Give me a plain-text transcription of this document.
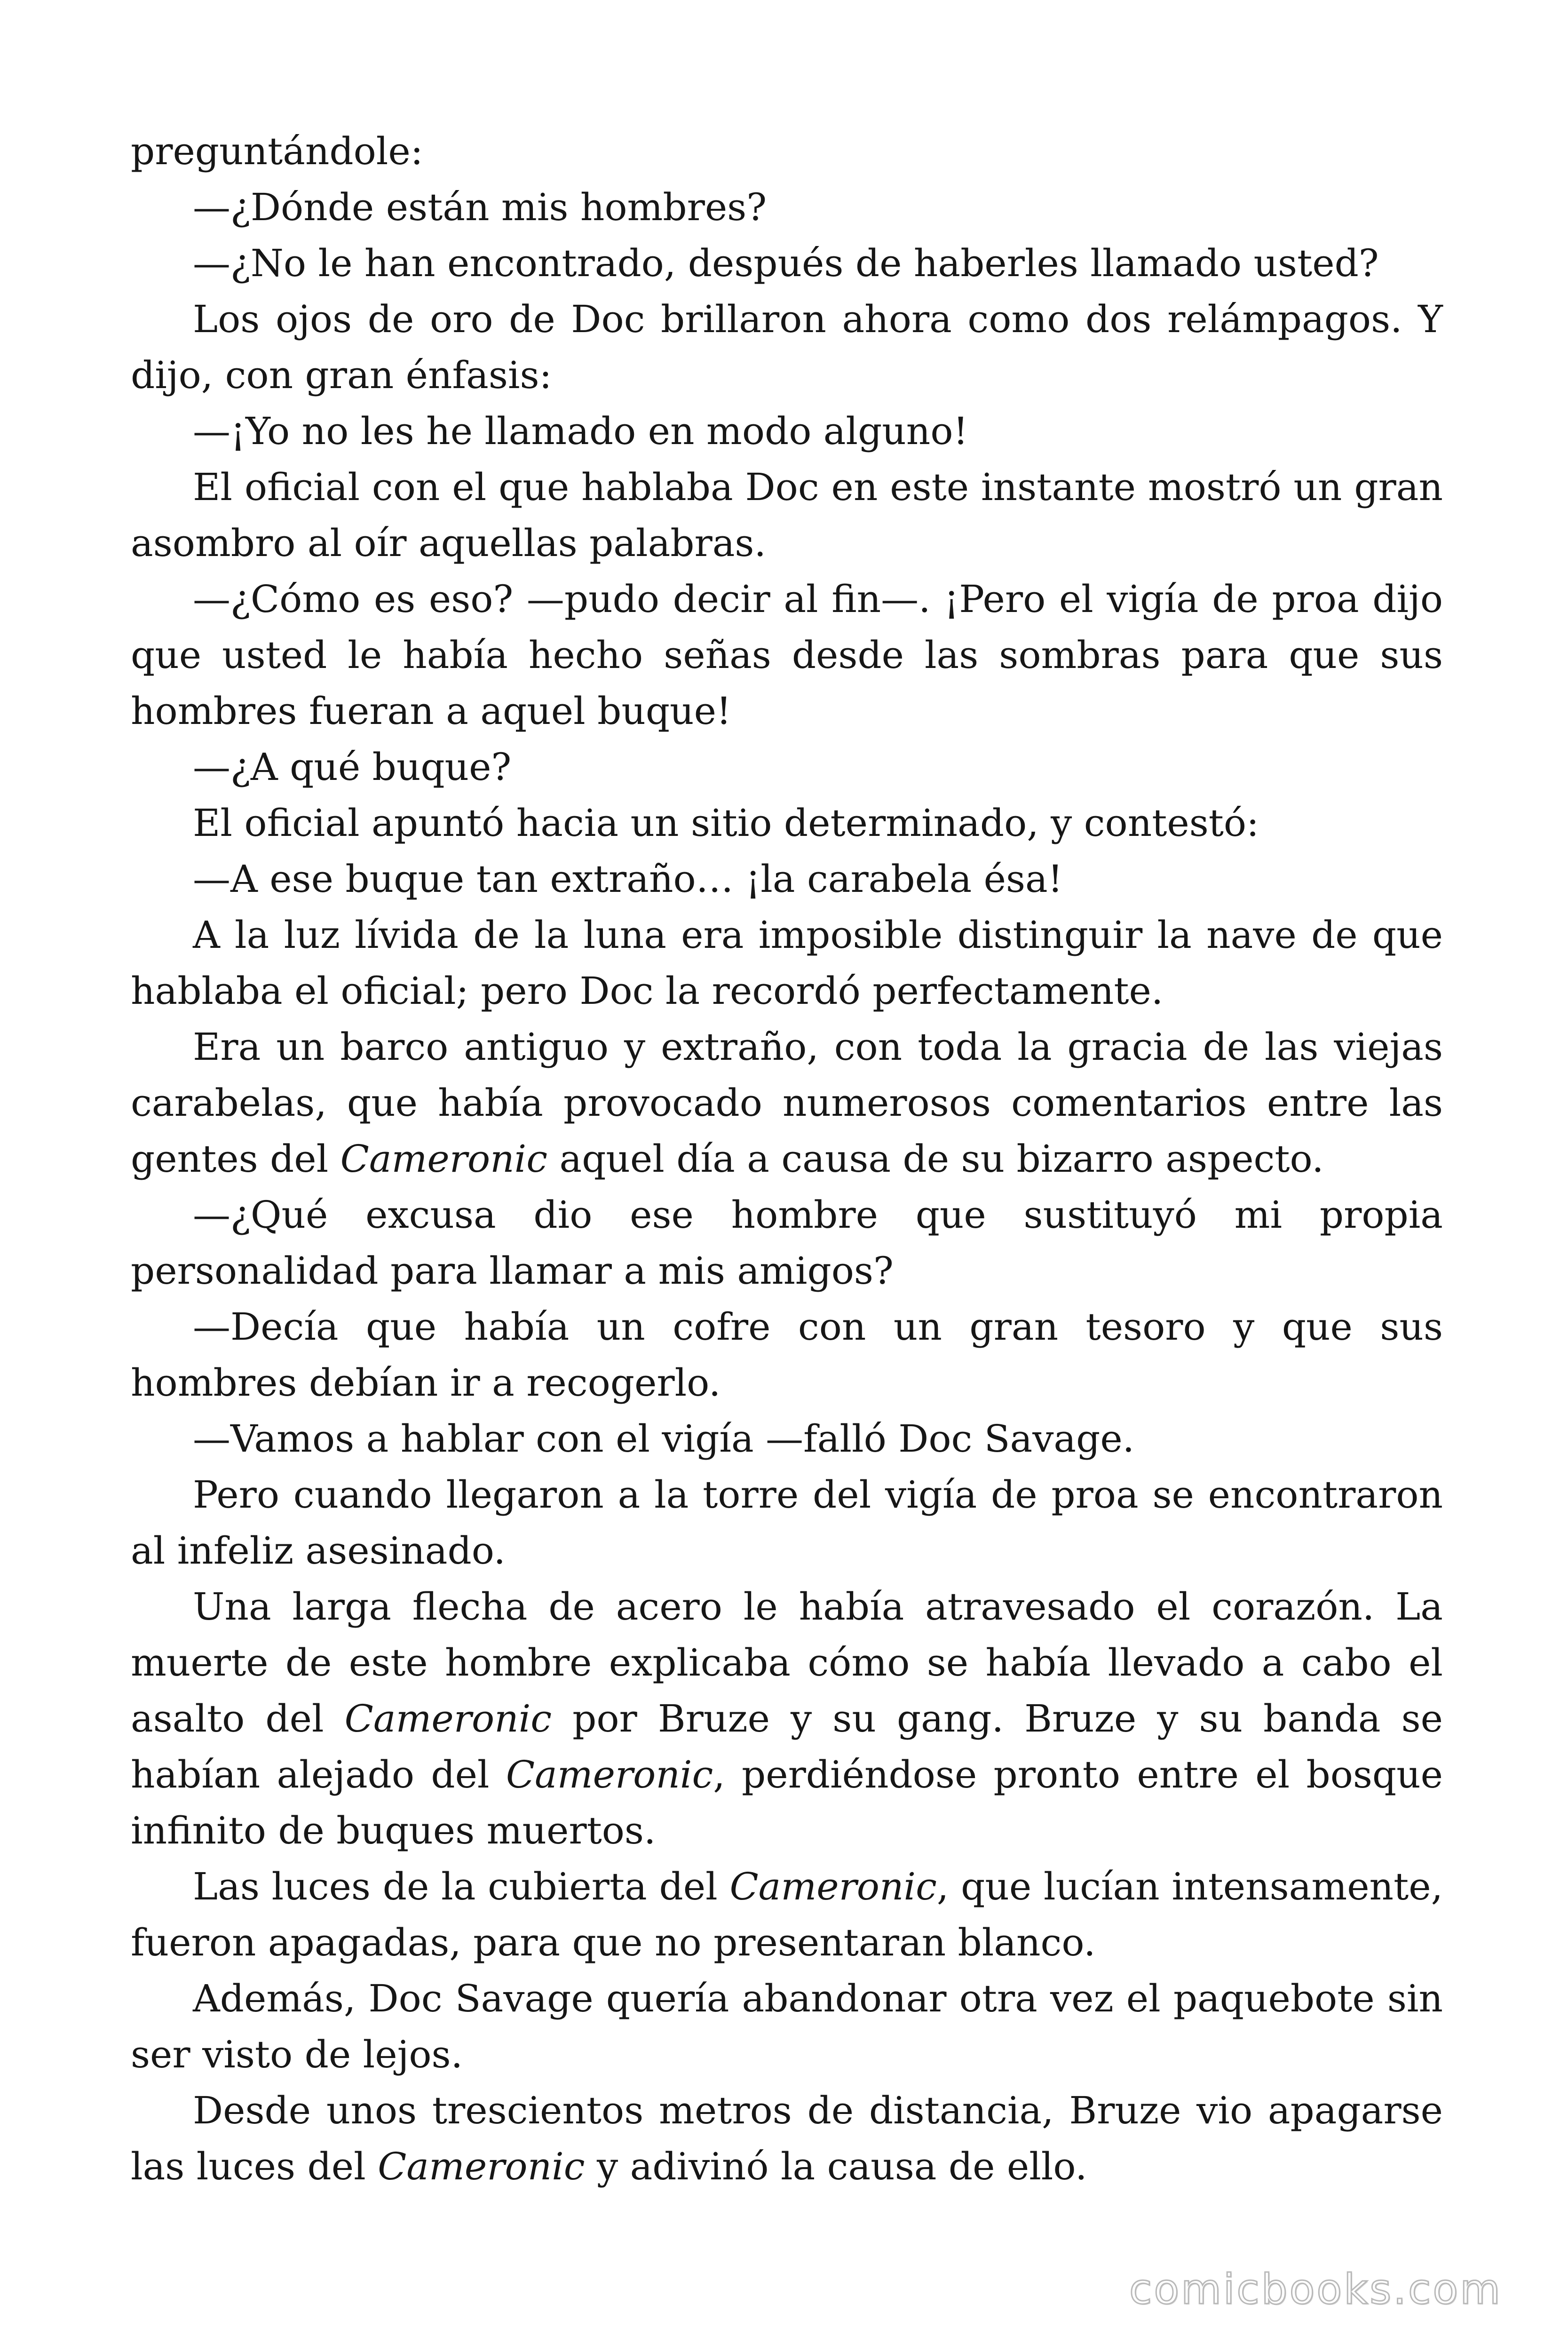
preguntándole:

—¿Dónde están mis hombres?

—¿No le han encontrado, después de haberles llamado usted?

Los ojos de oro de Doc brillaron ahora como dos relámpagos. Y dijo, con gran énfasis:

—¡Yo no les he llamado en modo alguno!

El oficial con el que hablaba Doc en este instante mostró un gran asombro al oír aquellas palabras.

—¿Cómo es eso? —pudo decir al fin—. ¡Pero el vigía de proa dijo que usted le había hecho señas desde las sombras para que sus hombres fueran a aquel buque!

—¿A qué buque?

El oficial apuntó hacia un sitio determinado, y contestó:

—A ese buque tan extraño… ¡la carabela ésa!

A la luz lívida de la luna era imposible distinguir la nave de que hablaba el oficial; pero Doc la recordó perfectamente.

Era un barco antiguo y extraño, con toda la gracia de las viejas carabelas, que había provocado numerosos comentarios entre las gentes del Cameronic aquel día a causa de su bizarro aspecto.

—¿Qué excusa dio ese hombre que sustituyó mi propia personalidad para llamar a mis amigos?

—Decía que había un cofre con un gran tesoro y que sus hombres debían ir a recogerlo.

—Vamos a hablar con el vigía —falló Doc Savage.

Pero cuando llegaron a la torre del vigía de proa se encontraron al infeliz asesinado.

Una larga flecha de acero le había atravesado el corazón. La muerte de este hombre explicaba cómo se había llevado a cabo el asalto del Cameronic por Bruze y su gang. Bruze y su banda se habían alejado del Cameronic, perdiéndose pronto entre el bosque infinito de buques muertos.

Las luces de la cubierta del Cameronic, que lucían intensamente, fueron apagadas, para que no presentaran blanco.

Además, Doc Savage quería abandonar otra vez el paquebote sin ser visto de lejos.

Desde unos trescientos metros de distancia, Bruze vio apagarse las luces del Cameronic y adivinó la causa de ello.

comicbooks.com
